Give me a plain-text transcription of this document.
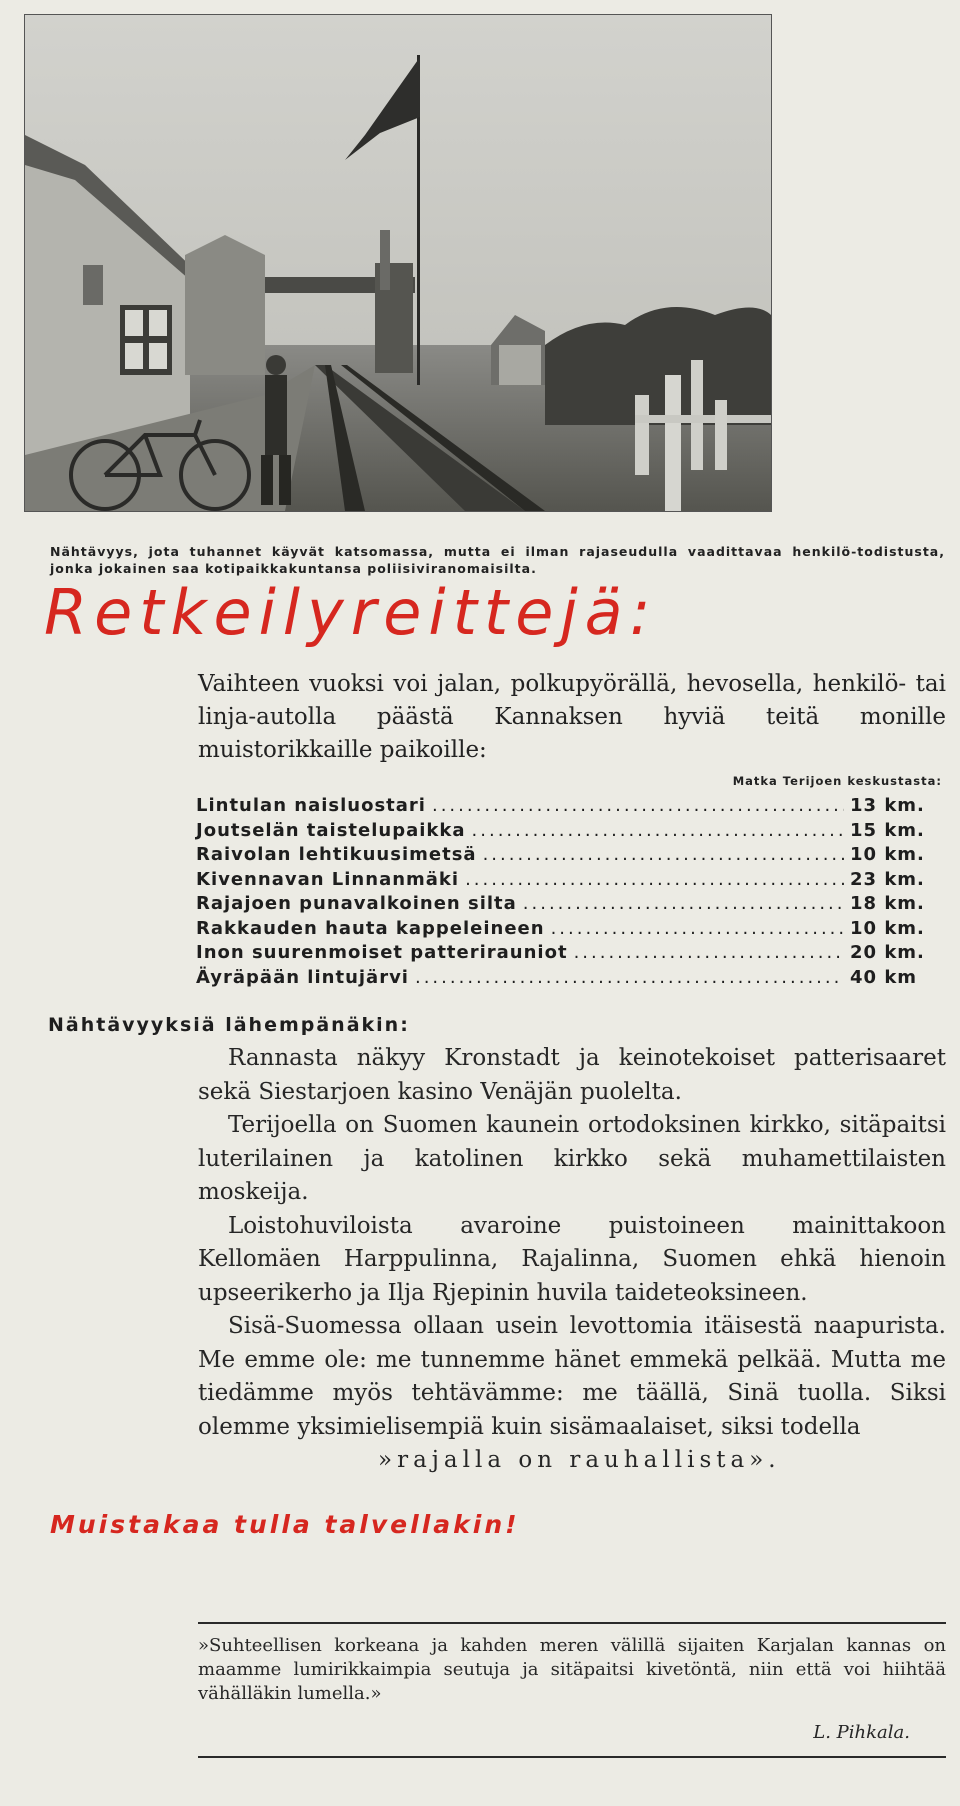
Nähtävyys, jota tuhannet käyvät katsomassa, mutta ei ilman rajaseudulla vaadittavaa henkilö-todistusta, jonka jokainen saa kotipaikkakuntansa poliisiviranomaisilta.

Retkeilyreittejä:

Vaihteen vuoksi voi jalan, polkupyörällä, hevosella, henkilö- tai linja-autolla päästä Kannaksen hyviä teitä monille muistorikkaille paikoille:

Matka Terijoen keskustasta:
Lintulan naisluostari .....	13 km.
Joutselän taistelupaikka .....	15 km.
Raivolan lehtikuusimetsä .....	10 km.
Kivennavan Linnanmäki .....	23 km.
Rajajoen punavalkoinen silta .....	18 km.
Rakkauden hauta kappeleineen .....	10 km.
Inon suurenmoiset patterirauniot .....	20 km.
Äyräpään lintujärvi .....	40 km
Nähtävyyksiä lähempänäkin:

Rannasta näkyy Kronstadt ja keinotekoiset patterisaaret sekä Siestarjoen kasino Venäjän puolelta.

Terijoella on Suomen kaunein ortodoksinen kirkko, sitäpaitsi luterilainen ja katolinen kirkko sekä muhamettilaisten moskeija.

Loistohuviloista avaroine puistoineen mainittakoon Kellomäen Harppulinna, Rajalinna, Suomen ehkä hienoin upseerikerho ja Ilja Rjepinin huvila taideteoksineen.

Sisä-Suomessa ollaan usein levottomia itäisestä naapurista. Me emme ole: me tunnemme hänet emmekä pelkää. Mutta me tiedämme myös tehtävämme: me täällä, Sinä tuolla. Siksi olemme yksimielisempiä kuin sisämaalaiset, siksi todella

»rajalla on rauhallista».

Muistakaa tulla talvellakin!

»Suhteellisen korkeana ja kahden meren välillä sijaiten Karjalan kannas on maamme lumirikkaimpia seutuja ja sitäpaitsi kivetöntä, niin että voi hiihtää vähälläkin lumella.»

L. Pihkala.
